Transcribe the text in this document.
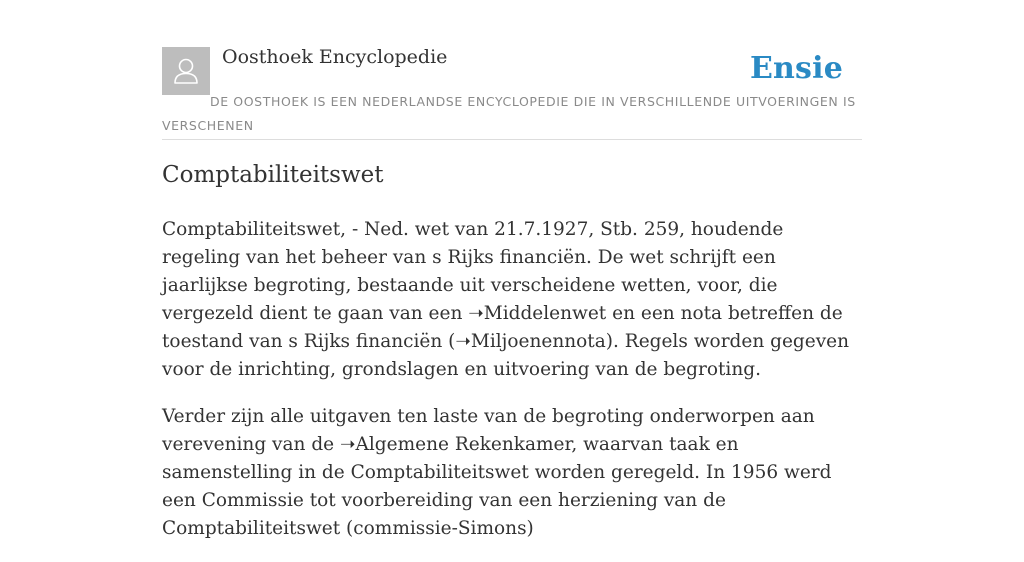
Oosthoek Encyclopedie	Ensie

DE OOSTHOEK IS EEN NEDERLANDSE ENCYCLOPEDIE DIE IN VERSCHILLENDE UITVOERINGEN IS VERSCHENEN

Comptabiliteitswet

Comptabiliteitswet, - Ned. wet van 21.7.1927, Stb. 259, houdende regeling van het beheer van s Rijks financiën. De wet schrijft een jaarlijkse begroting, bestaande uit verscheidene wetten, voor, die vergezeld dient te gaan van een ➝Middelenwet en een nota betreffen de toestand van s Rijks financiën (➝Miljoenennota). Regels worden gegeven voor de inrichting, grondslagen en uitvoering van de begroting.

Verder zijn alle uitgaven ten laste van de begroting onderworpen aan verevening van de ➝Algemene Rekenkamer, waarvan taak en samenstelling in de Comptabiliteitswet worden geregeld. In 1956 werd een Commissie tot voorbereiding van een herziening van de Comptabiliteitswet (commissie-Simons)
